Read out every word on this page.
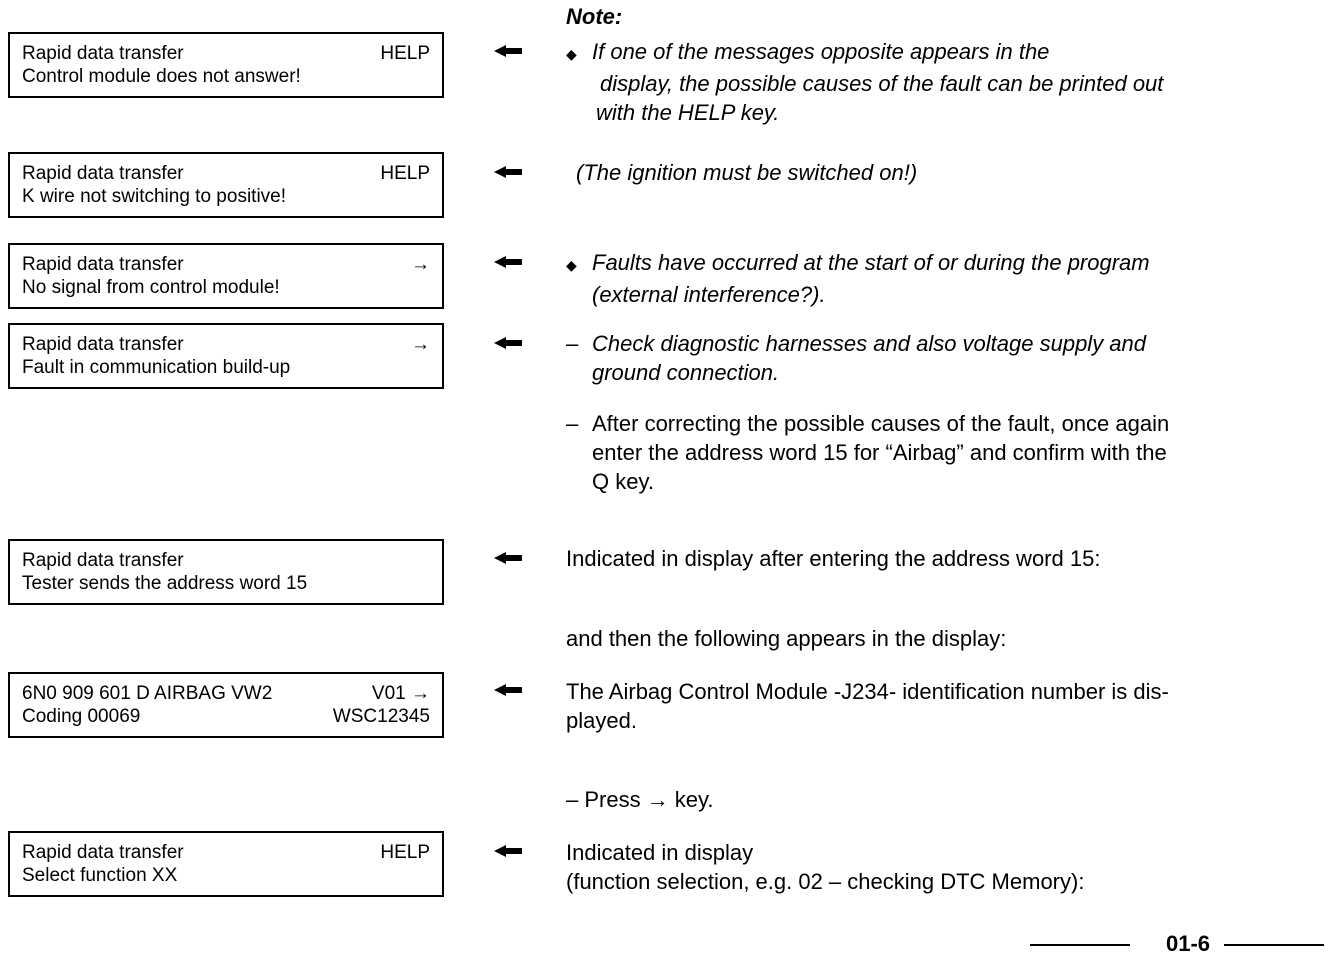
Note:
Rapid data transfer	HELP
Control module does not answer!
Rapid data transfer	HELP
K wire not switching to positive!
Rapid data transfer	→
No signal from control module!
Rapid data transfer	→
Fault in communication build-up
Rapid data transfer
Tester sends the address word 15
6N0 909 601 D AIRBAG VW2	V01 →
Coding 00069	WSC12345
Rapid data transfer	HELP
Select function XX
◆ If one of the messages opposite appears in the
display, the possible causes of the fault can be printed out
with the HELP key.
(The ignition must be switched on!)
◆ Faults have occurred at the start of or during the program
(external interference?).
– Check diagnostic harnesses and also voltage supply and
ground connection.
– After correcting the possible causes of the fault, once again
enter the address word 15 for “Airbag” and confirm with the
Q key.
Indicated in display after entering the address word 15:
and then the following appears in the display:
The Airbag Control Module -J234- identification number is dis-
played.
– Press → key.
Indicated in display
(function selection, e.g. 02 – checking DTC Memory):
01-6
